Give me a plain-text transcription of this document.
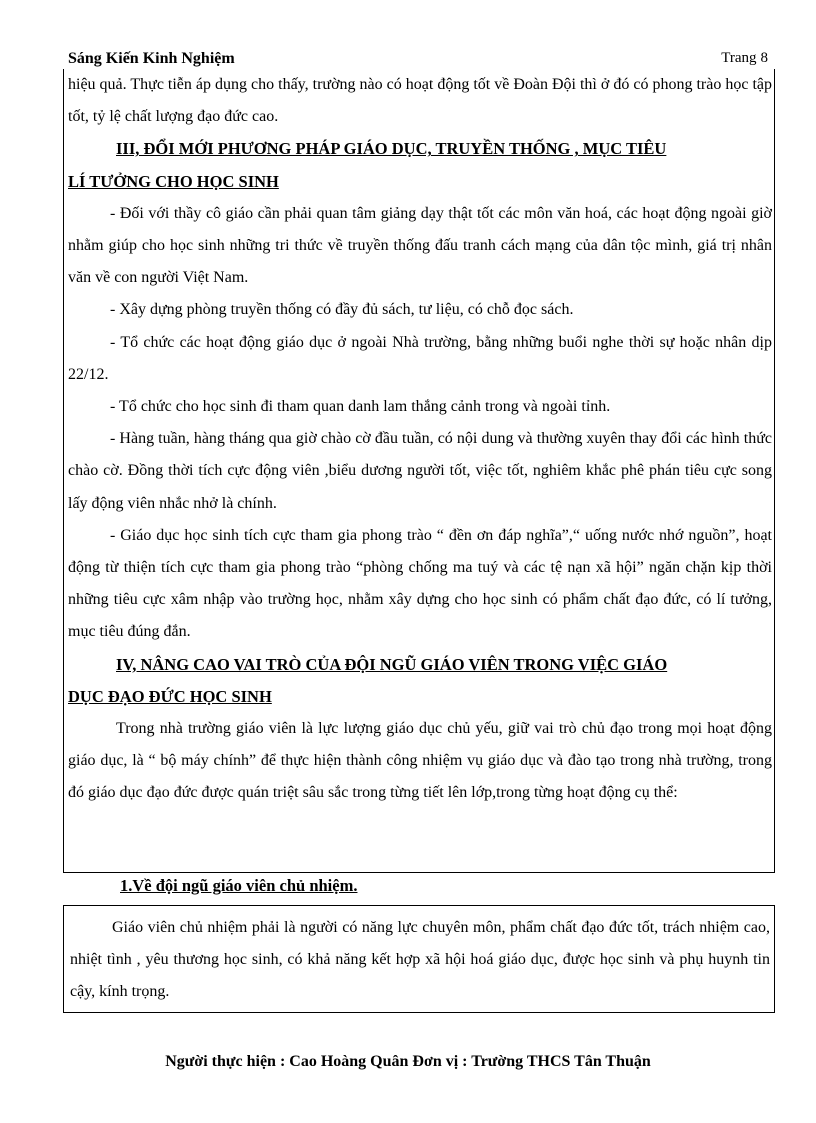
Sáng Kiến Kinh Nghiệm	Trang 8

hiệu quả. Thực tiễn áp dụng cho thấy, trường nào có hoạt động tốt về Đoàn Đội thì ở đó có phong trào học tập tốt, tỷ lệ chất lượng đạo đức cao.

III, ĐỔI MỚI PHƯƠNG PHÁP GIÁO DỤC, TRUYỀN THỐNG , MỤC TIÊU

LÍ TƯỞNG CHO HỌC SINH

- Đối với thầy cô giáo cần phải quan tâm giảng dạy thật tốt các môn văn hoá, các hoạt động ngoài giờ nhằm giúp cho học sinh những tri thức về truyền thống đấu tranh cách mạng của dân tộc mình, giá trị nhân văn về con người Việt Nam.

- Xây dựng phòng truyền thống có đầy đủ sách, tư liệu, có chỗ đọc sách.

- Tổ chức các hoạt động giáo dục ở ngoài Nhà trường, bằng những buổi nghe thời sự hoặc nhân dịp 22/12.

- Tổ chức cho học sinh đi tham quan danh lam thắng cảnh trong và ngoài tỉnh.

- Hàng tuần, hàng tháng qua giờ chào cờ đầu tuần, có nội dung và thường xuyên thay đổi các hình thức chào cờ. Đồng thời tích cực động viên ,biểu dương người tốt, việc tốt, nghiêm khắc phê phán tiêu cực song lấy động viên nhắc nhở là chính.

- Giáo dục học sinh tích cực tham gia phong trào “ đền ơn đáp nghĩa”,“ uống nước nhớ nguồn”, hoạt động từ thiện tích cực tham gia phong trào “phòng chống ma tuý và các tệ nạn xã hội” ngăn chặn kịp thời những tiêu cực xâm nhập vào trường học, nhằm xây dựng cho học sinh có phẩm chất đạo đức, có lí tưởng, mục tiêu đúng đắn.

IV, NÂNG CAO VAI TRÒ CỦA ĐỘI NGŨ GIÁO VIÊN TRONG VIỆC GIÁO

DỤC ĐẠO ĐỨC HỌC SINH

Trong nhà trường giáo viên là lực lượng giáo dục chủ yếu, giữ vai trò chủ đạo trong mọi hoạt động giáo dục, là “ bộ máy chính” để thực hiện thành công nhiệm vụ giáo dục và đào tạo trong nhà trường, trong đó giáo dục đạo đức được quán triệt sâu sắc trong từng tiết lên lớp,trong từng hoạt động cụ thể:

1.Về đội ngũ giáo viên chủ nhiệm.

Giáo viên chủ nhiệm phải là người có năng lực chuyên môn, phẩm chất đạo đức tốt, trách nhiệm cao, nhiệt tình , yêu thương học sinh, có khả năng kết hợp xã hội hoá giáo dục, được học sinh và phụ huynh tin cậy, kính trọng.

Người thực hiện : Cao Hoàng Quân Đơn vị : Trường THCS Tân Thuận
